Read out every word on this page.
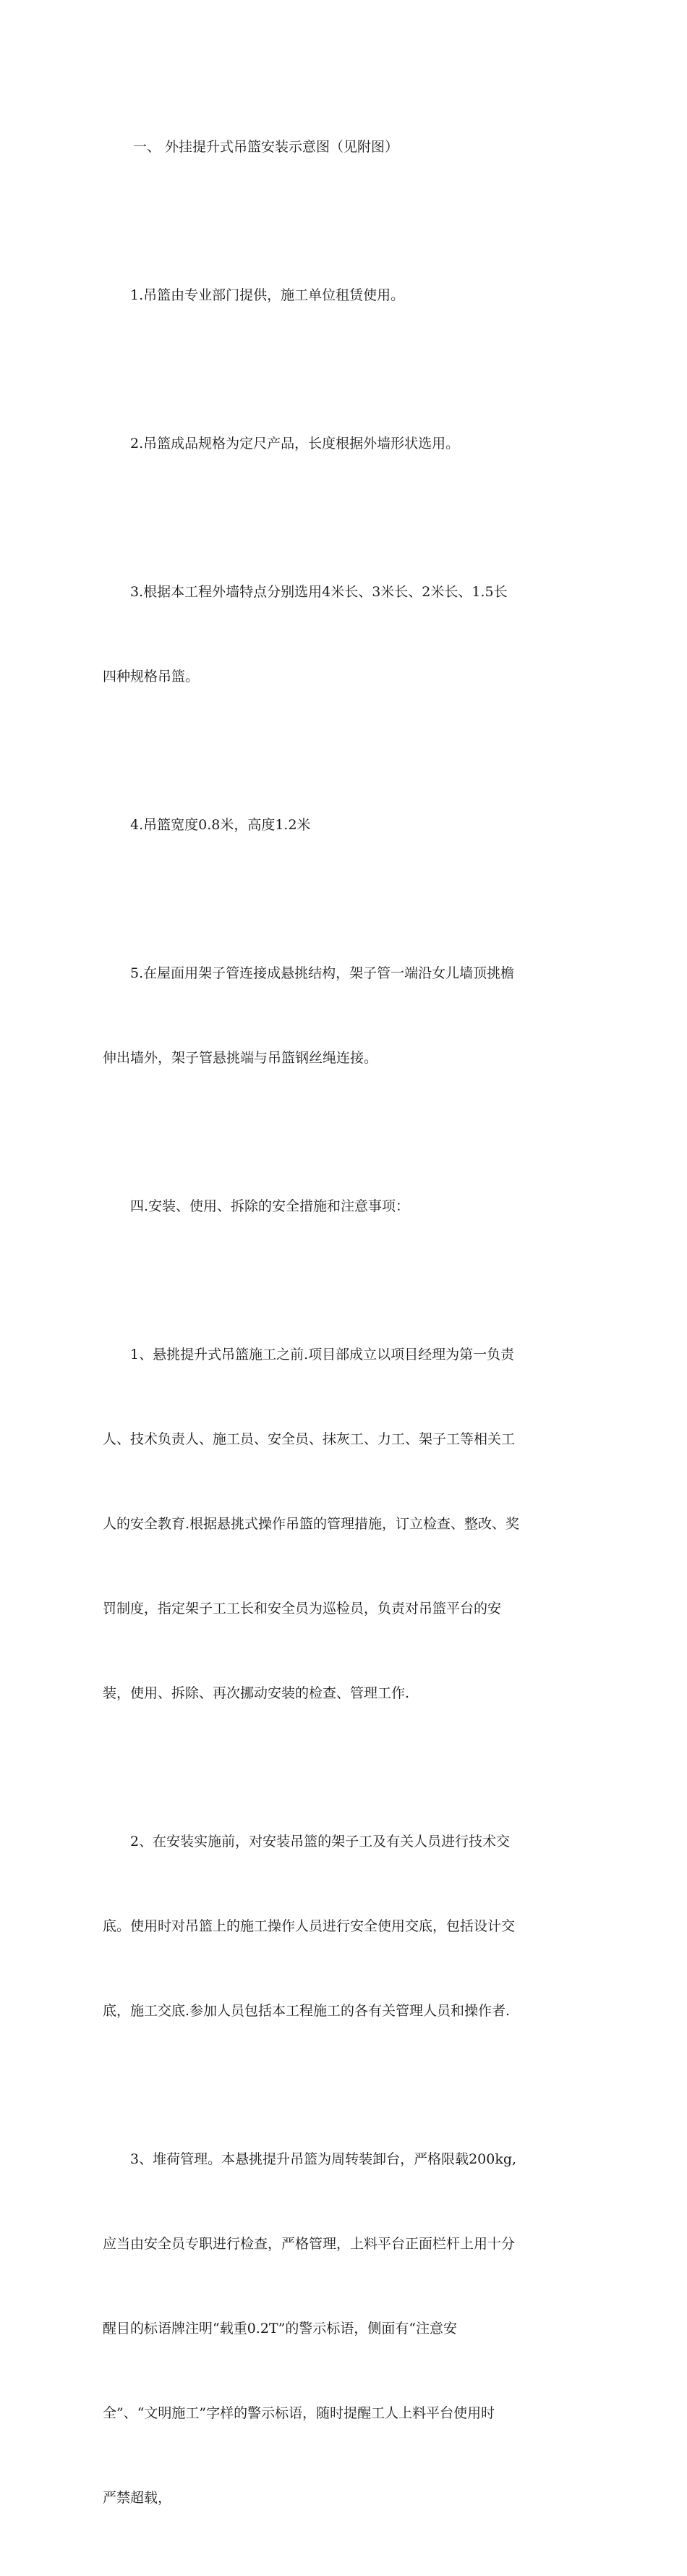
一、 外挂提升式吊篮安装示意图（见附图）

1.吊篮由专业部门提供，施工单位租赁使用。

2.吊篮成品规格为定尺产品，长度根据外墙形状选用。

3.根据本工程外墙特点分别选用4米长、3米长、2米长、1.5长

四种规格吊篮。

4.吊篮宽度0.8米，高度1.2米

5.在屋面用架子管连接成悬挑结构，架子管一端沿女儿墙顶挑檐

伸出墙外，架子管悬挑端与吊篮钢丝绳连接。

四.安装、使用、拆除的安全措施和注意事项：

1、悬挑提升式吊篮施工之前.项目部成立以项目经理为第一负责

人、技术负责人、施工员、安全员、抹灰工、力工、架子工等相关工

人的安全教育.根据悬挑式操作吊篮的管理措施，订立检查、整改、奖

罚制度，指定架子工工长和安全员为巡检员，负责对吊篮平台的安

装，使用、拆除、再次挪动安装的检查、管理工作.

2、在安装实施前，对安装吊篮的架子工及有关人员进行技术交

底。使用时对吊篮上的施工操作人员进行安全使用交底，包括设计交

底，施工交底.参加人员包括本工程施工的各有关管理人员和操作者.

3、堆荷管理。本悬挑提升吊篮为周转装卸台，严格限载200kg,

应当由安全员专职进行检查，严格管理，上料平台正面栏杆上用十分

醒目的标语牌注明“载重0.2T”的警示标语，侧面有“注意安

全”、“文明施工”字样的警示标语，随时提醒工人上料平台使用时

严禁超载，
